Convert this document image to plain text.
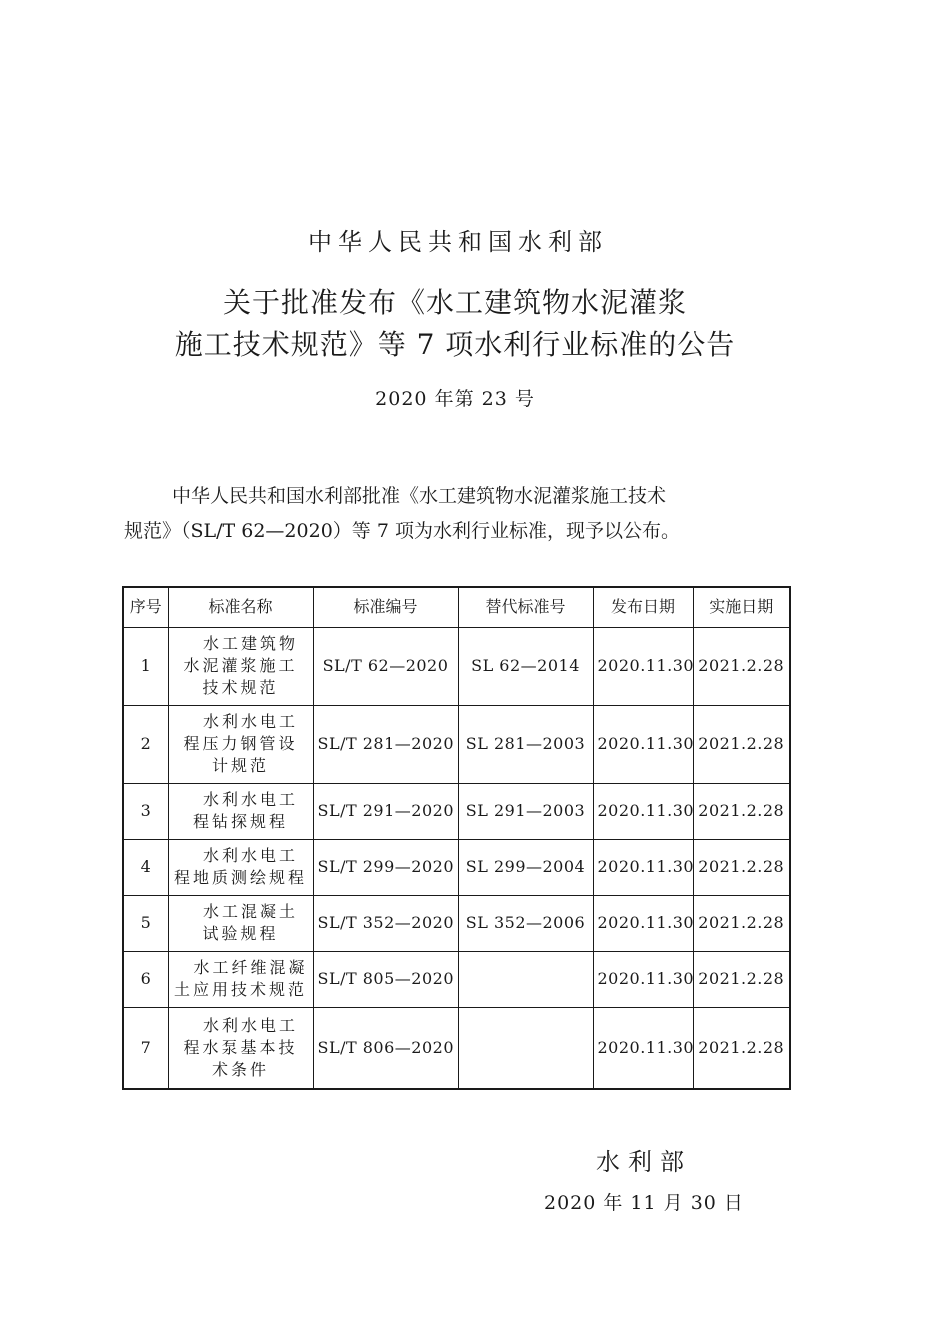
中华人民共和国水利部
关于批准发布《水工建筑物水泥灌浆
施工技术规范》等 7 项水利行业标准的公告
2020 年第 23 号
中华人民共和国水利部批准《水工建筑物水泥灌浆施工技术
规范》（SL/T 62—2020）等 7 项为水利行业标准，现予以公布。
序号	标准名称	标准编号	替代标准号	发布日期	实施日期
1	水工建筑物
水泥灌浆施工
技术规范	SL/T 62—2020	SL 62—2014	2020.11.30	2021.2.28
2	水利水电工
程压力钢管设
计规范	SL/T 281—2020	SL 281—2003	2020.11.30	2021.2.28
3	水利水电工
程钻探规程	SL/T 291—2020	SL 291—2003	2020.11.30	2021.2.28
4	水利水电工
程地质测绘规程	SL/T 299—2020	SL 299—2004	2020.11.30	2021.2.28
5	水工混凝土
试验规程	SL/T 352—2020	SL 352—2006	2020.11.30	2021.2.28
6	水工纤维混凝
土应用技术规范	SL/T 805—2020		2020.11.30	2021.2.28
7	水利水电工
程水泵基本技
术条件	SL/T 806—2020		2020.11.30	2021.2.28
水利部
2020 年 11 月 30 日
